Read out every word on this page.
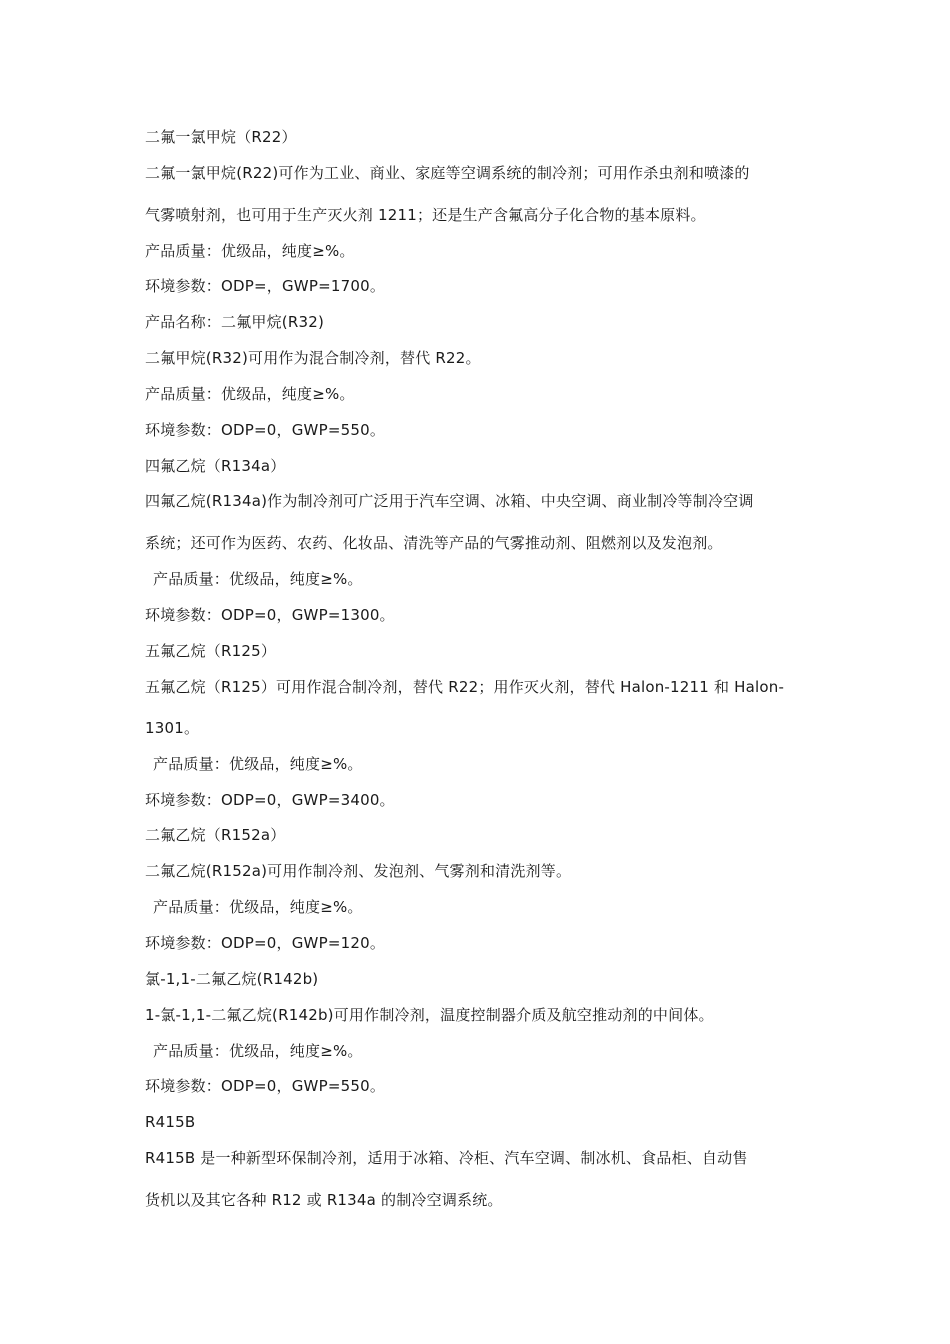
二氟一氯甲烷（R22）
二氟一氯甲烷(R22)可作为工业、商业、家庭等空调系统的制冷剂；可用作杀虫剂和喷漆的
气雾喷射剂，也可用于生产灭火剂 1211；还是生产含氟高分子化合物的基本原料。
产品质量：优级品，纯度≥%。
环境参数：ODP=，GWP=1700。
产品名称：二氟甲烷(R32)
二氟甲烷(R32)可用作为混合制冷剂，替代 R22。
产品质量：优级品，纯度≥%。
环境参数：ODP=0，GWP=550。
四氟乙烷（R134a）
四氟乙烷(R134a)作为制冷剂可广泛用于汽车空调、冰箱、中央空调、商业制冷等制冷空调
系统；还可作为医药、农药、化妆品、清洗等产品的气雾推动剂、阻燃剂以及发泡剂。
产品质量：优级品，纯度≥%。
环境参数：ODP=0，GWP=1300。
五氟乙烷（R125）
五氟乙烷（R125）可用作混合制冷剂，替代 R22；用作灭火剂，替代 Halon-1211 和 Halon-
1301。
产品质量：优级品，纯度≥%。
环境参数：ODP=0，GWP=3400。
二氟乙烷（R152a）
二氟乙烷(R152a)可用作制冷剂、发泡剂、气雾剂和清洗剂等。
产品质量：优级品，纯度≥%。
环境参数：ODP=0，GWP=120。
氯-1,1-二氟乙烷(R142b)
1-氯-1,1-二氟乙烷(R142b)可用作制冷剂，温度控制器介质及航空推动剂的中间体。
产品质量：优级品，纯度≥%。
环境参数：ODP=0，GWP=550。
R415B
R415B 是一种新型环保制冷剂，适用于冰箱、冷柜、汽车空调、制冰机、食品柜、自动售
货机以及其它各种 R12 或 R134a 的制冷空调系统。
